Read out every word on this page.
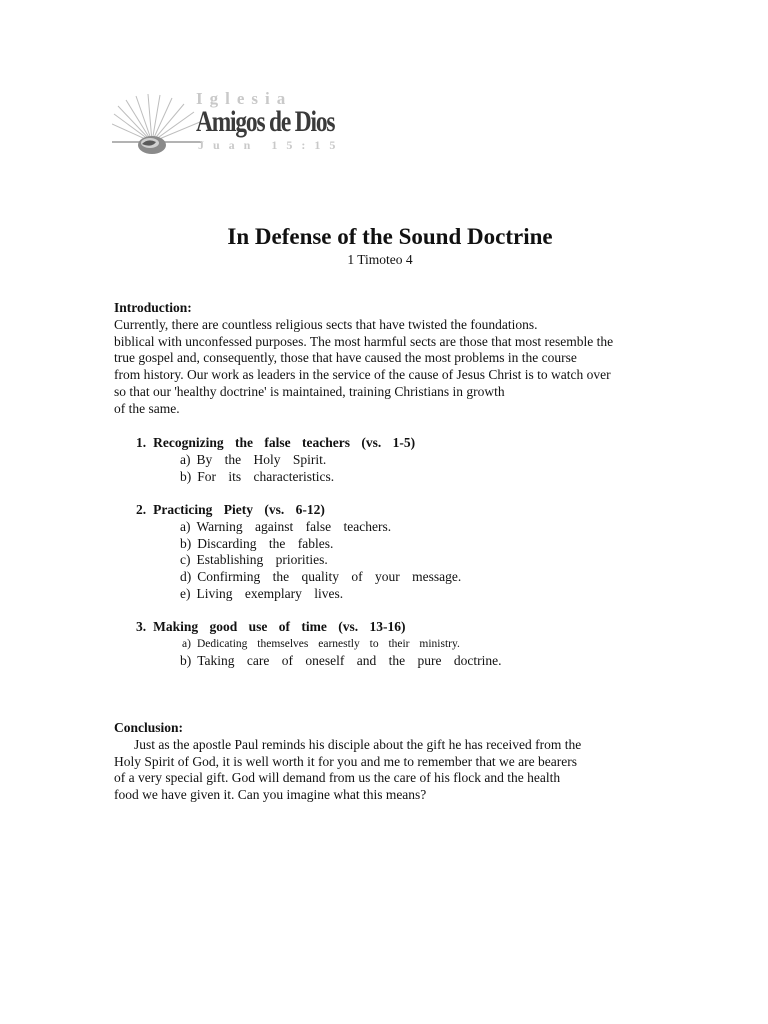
Iglesia
Amigos de Dios
Juan 15:15
In Defense of the Sound Doctrine
1 Timoteo 4
Introduction:
Currently, there are countless religious sects that have twisted the foundations.
biblical with unconfessed purposes. The most harmful sects are those that most resemble the
true gospel and, consequently, those that have caused the most problems in the course
from history. Our work as leaders in the service of the cause of Jesus Christ is to watch over
so that our 'healthy doctrine' is maintained, training Christians in growth
of the same.
1. Recognizing the false teachers (vs. 1-5)
a) By the Holy Spirit.
b) For its characteristics.
2. Practicing Piety (vs. 6-12)
a) Warning against false teachers.
b) Discarding the fables.
c) Establishing priorities.
d) Confirming the quality of your message.
e) Living exemplary lives.
3. Making good use of time (vs. 13-16)
a) Dedicating themselves earnestly to their ministry.
b) Taking care of oneself and the pure doctrine.
Conclusion:
Just as the apostle Paul reminds his disciple about the gift he has received from the
Holy Spirit of God, it is well worth it for you and me to remember that we are bearers
of a very special gift. God will demand from us the care of his flock and the health
food we have given it. Can you imagine what this means?
